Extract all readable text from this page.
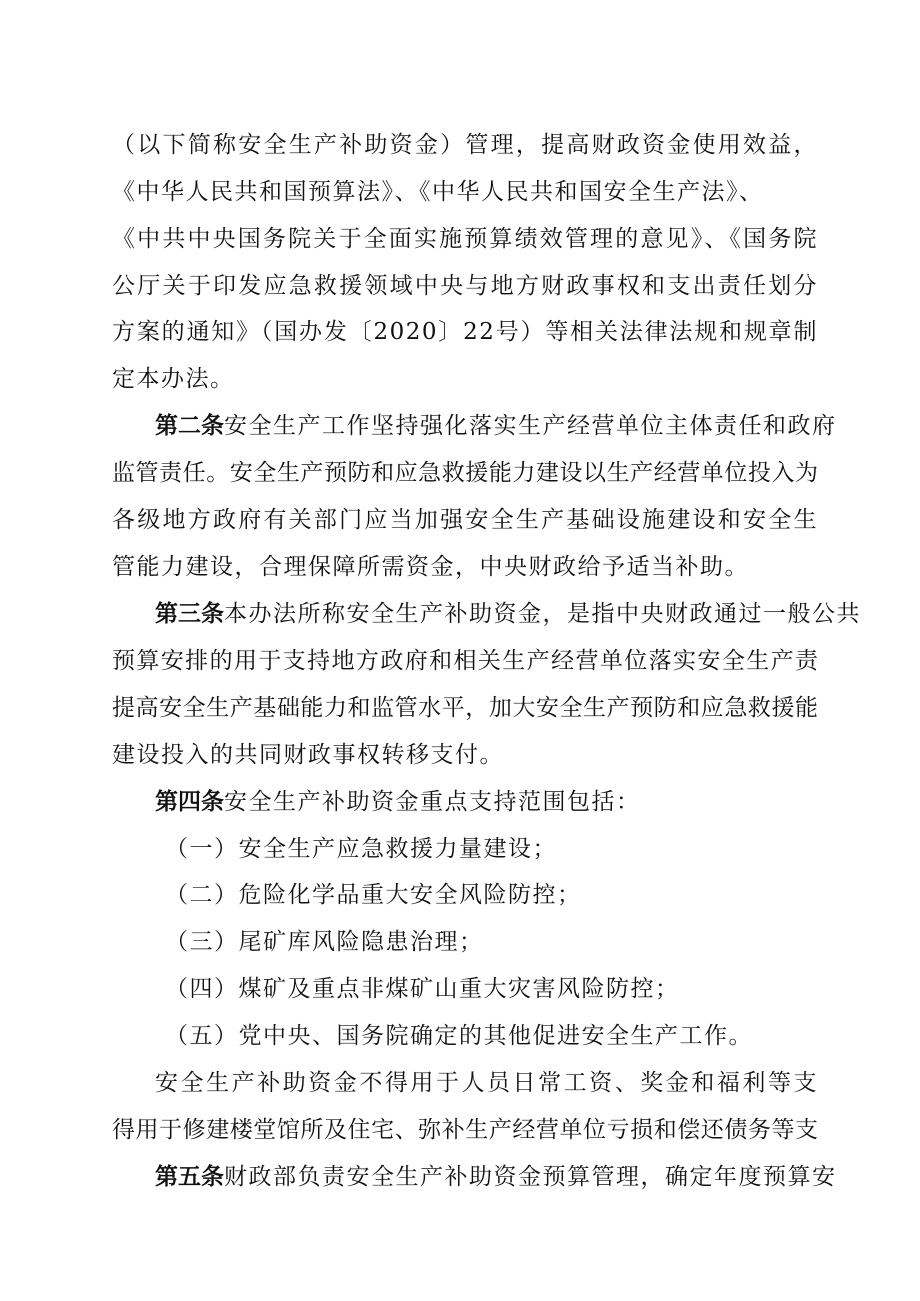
（以下简称安全生产补助资金）管理，提高财政资金使用效益，
《中华人民共和国预算法》、《中华人民共和国安全生产法》、
《中共中央国务院关于全面实施预算绩效管理的意见》、《国务院
公厅关于印发应急救援领域中央与地方财政事权和支出责任划分
方案的通知》（国办发〔2020〕22号）等相关法律法规和规章制
定本办法。
第二条安全生产工作坚持强化落实生产经营单位主体责任和政府
监管责任。安全生产预防和应急救援能力建设以生产经营单位投入为
各级地方政府有关部门应当加强安全生产基础设施建设和安全生
管能力建设，合理保障所需资金，中央财政给予适当补助。
第三条本办法所称安全生产补助资金，是指中央财政通过一般公共
预算安排的用于支持地方政府和相关生产经营单位落实安全生产责
提高安全生产基础能力和监管水平，加大安全生产预防和应急救援能
建设投入的共同财政事权转移支付。
第四条安全生产补助资金重点支持范围包括：
（一）安全生产应急救援力量建设；
（二）危险化学品重大安全风险防控；
（三）尾矿库风险隐患治理；
（四）煤矿及重点非煤矿山重大灾害风险防控；
（五）党中央、国务院确定的其他促进安全生产工作。
安全生产补助资金不得用于人员日常工资、奖金和福利等支
得用于修建楼堂馆所及住宅、弥补生产经营单位亏损和偿还债务等支
第五条财政部负责安全生产补助资金预算管理，确定年度预算安
